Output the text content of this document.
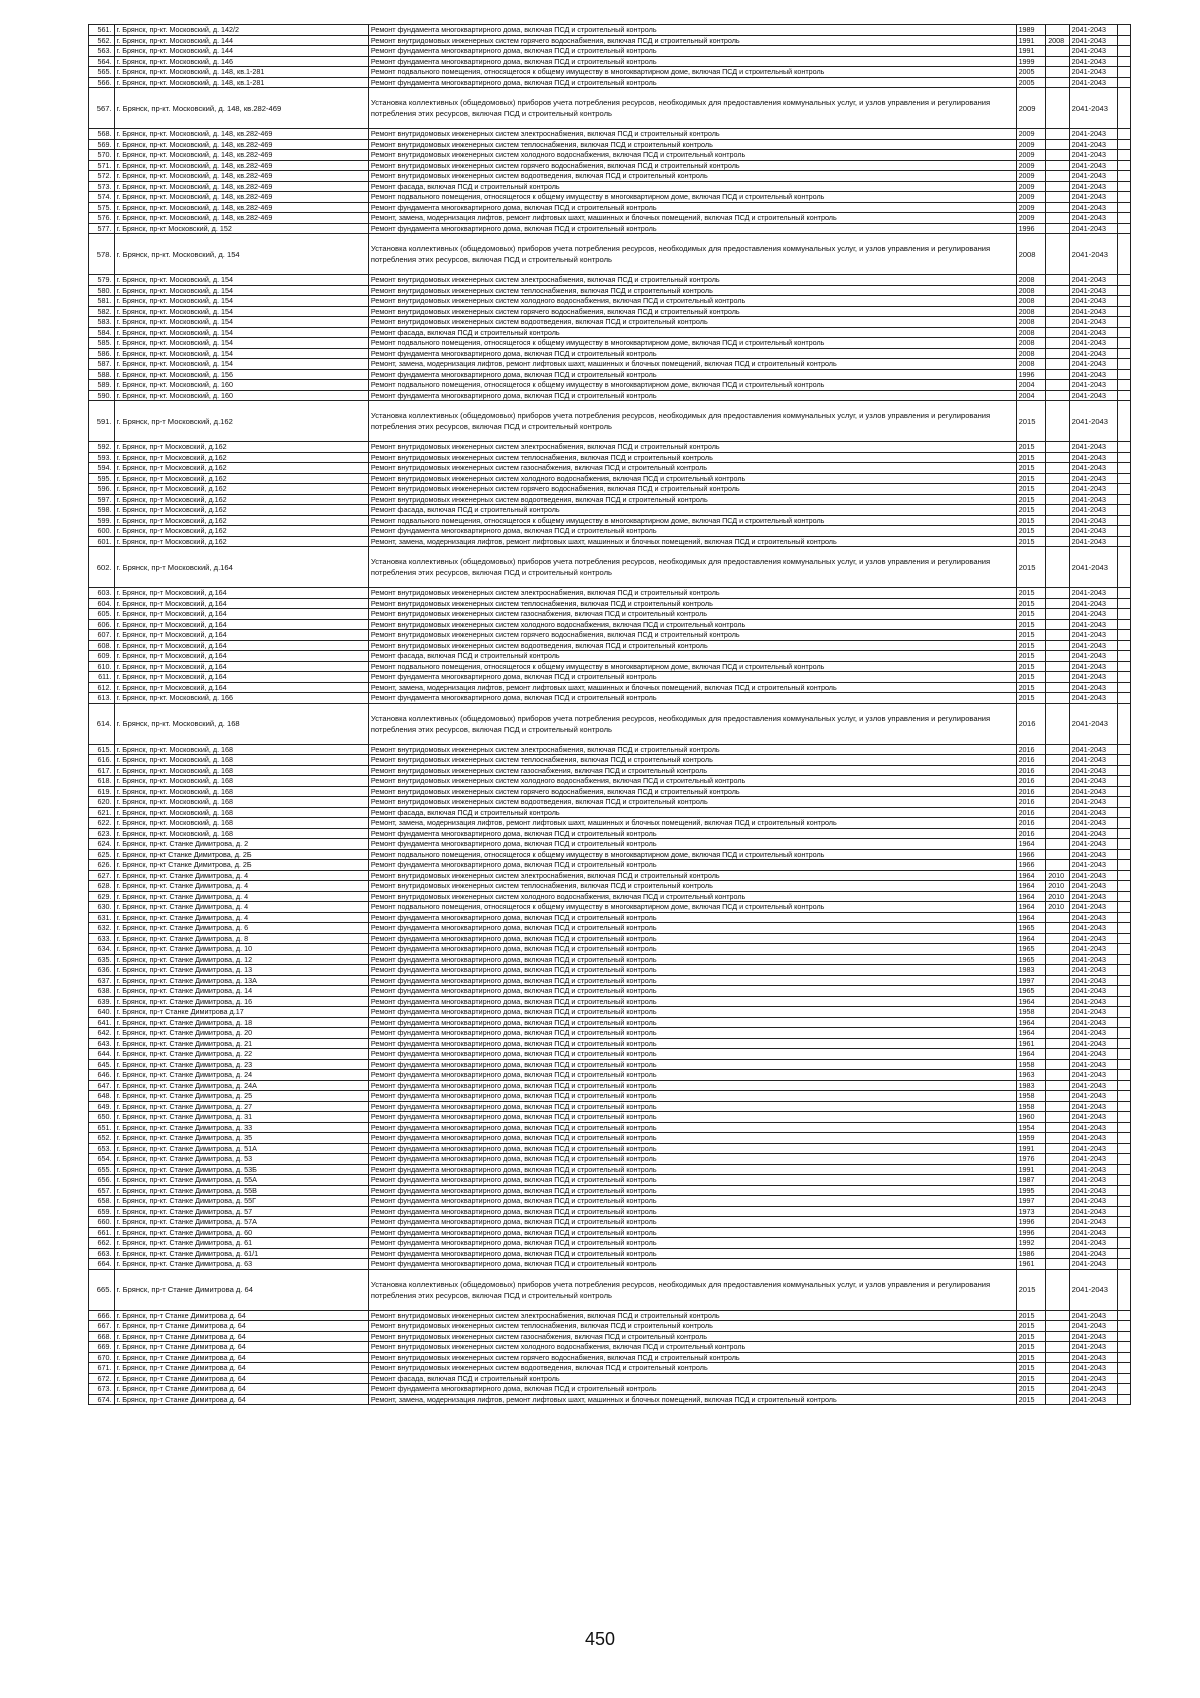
561.	г. Брянск, пр-кт. Московский, д. 142/2	Ремонт фундамента многоквартирного дома, включая ПСД и строительный контроль	1989		2041-2043	
562.	г. Брянск, пр-кт. Московский, д. 144	Ремонт внутридомовых инженерных систем горячего водоснабжения, включая ПСД и строительный контроль	1991	2008	2041-2043	
563.	г. Брянск, пр-кт. Московский, д. 144	Ремонт фундамента многоквартирного дома, включая ПСД и строительный контроль	1991		2041-2043	
564.	г. Брянск, пр-кт. Московский, д. 146	Ремонт фундамента многоквартирного дома, включая ПСД и строительный контроль	1999		2041-2043	
565.	г. Брянск, пр-кт. Московский, д. 148, кв.1-281	Ремонт подвального помещения, относящегося к общему имуществу в многоквартирном доме, включая ПСД и строительный контроль	2005		2041-2043	
566.	г. Брянск, пр-кт. Московский, д. 148, кв.1-281	Ремонт фундамента многоквартирного дома, включая ПСД и строительный контроль	2005		2041-2043	
567.	г. Брянск, пр-кт. Московский, д. 148, кв.282-469	Установка коллективных (общедомовых) приборов учета потребления ресурсов, необходимых для предоставления коммунальных услуг, и узлов управления и регулирования потребления этих ресурсов, включая ПСД и строительный контроль	2009		2041-2043	
568.	г. Брянск, пр-кт. Московский, д. 148, кв.282-469	Ремонт внутридомовых инженерных систем электроснабжения, включая ПСД и строительный контроль	2009		2041-2043	
569.	г. Брянск, пр-кт. Московский, д. 148, кв.282-469	Ремонт внутридомовых инженерных систем теплоснабжения, включая ПСД и строительный контроль	2009		2041-2043	
570.	г. Брянск, пр-кт. Московский, д. 148, кв.282-469	Ремонт внутридомовых инженерных систем холодного водоснабжения, включая ПСД и строительный контроль	2009		2041-2043	
571.	г. Брянск, пр-кт. Московский, д. 148, кв.282-469	Ремонт внутридомовых инженерных систем горячего водоснабжения, включая ПСД и строительный контроль	2009		2041-2043	
572.	г. Брянск, пр-кт. Московский, д. 148, кв.282-469	Ремонт внутридомовых инженерных систем водоотведения, включая ПСД и строительный контроль	2009		2041-2043	
573.	г. Брянск, пр-кт. Московский, д. 148, кв.282-469	Ремонт фасада, включая ПСД и строительный контроль	2009		2041-2043	
574.	г. Брянск, пр-кт. Московский, д. 148, кв.282-469	Ремонт подвального помещения, относящегося к общему имуществу в многоквартирном доме, включая ПСД и строительный контроль	2009		2041-2043	
575.	г. Брянск, пр-кт. Московский, д. 148, кв.282-469	Ремонт фундамента многоквартирного дома, включая ПСД и строительный контроль	2009		2041-2043	
576.	г. Брянск, пр-кт. Московский, д. 148, кв.282-469	Ремонт, замена, модернизация лифтов, ремонт лифтовых шахт, машинных и блочных помещений, включая ПСД и строительный контроль	2009		2041-2043	
577.	г. Брянск, пр-кт Московский, д. 152	Ремонт фундамента многоквартирного дома, включая ПСД и строительный контроль	1996		2041-2043	
578.	г. Брянск, пр-кт. Московский, д. 154	Установка коллективных (общедомовых) приборов учета потребления ресурсов, необходимых для предоставления коммунальных услуг, и узлов управления и регулирования потребления этих ресурсов, включая ПСД и строительный контроль	2008		2041-2043	
579.	г. Брянск, пр-кт. Московский, д. 154	Ремонт внутридомовых инженерных систем электроснабжения, включая ПСД и строительный контроль	2008		2041-2043	
580.	г. Брянск, пр-кт. Московский, д. 154	Ремонт внутридомовых инженерных систем теплоснабжения, включая ПСД и строительный контроль	2008		2041-2043	
581.	г. Брянск, пр-кт. Московский, д. 154	Ремонт внутридомовых инженерных систем холодного водоснабжения, включая ПСД и строительный контроль	2008		2041-2043	
582.	г. Брянск, пр-кт. Московский, д. 154	Ремонт внутридомовых инженерных систем горячего водоснабжения, включая ПСД и строительный контроль	2008		2041-2043	
583.	г. Брянск, пр-кт. Московский, д. 154	Ремонт внутридомовых инженерных систем водоотведения, включая ПСД и строительный контроль	2008		2041-2043	
584.	г. Брянск, пр-кт. Московский, д. 154	Ремонт фасада, включая ПСД и строительный контроль	2008		2041-2043	
585.	г. Брянск, пр-кт. Московский, д. 154	Ремонт подвального помещения, относящегося к общему имуществу в многоквартирном доме, включая ПСД и строительный контроль	2008		2041-2043	
586.	г. Брянск, пр-кт. Московский, д. 154	Ремонт фундамента многоквартирного дома, включая ПСД и строительный контроль	2008		2041-2043	
587.	г. Брянск, пр-кт. Московский, д. 154	Ремонт, замена, модернизация лифтов, ремонт лифтовых шахт, машинных и блочных помещений, включая ПСД и строительный контроль	2008		2041-2043	
588.	г. Брянск, пр-кт. Московский, д. 156	Ремонт фундамента многоквартирного дома, включая ПСД и строительный контроль	1996		2041-2043	
589.	г. Брянск, пр-кт. Московский, д. 160	Ремонт подвального помещения, относящегося к общему имуществу в многоквартирном доме, включая ПСД и строительный контроль	2004		2041-2043	
590.	г. Брянск, пр-кт. Московский, д. 160	Ремонт фундамента многоквартирного дома, включая ПСД и строительный контроль	2004		2041-2043	
591.	г. Брянск, пр-т Московский, д.162	Установка коллективных (общедомовых) приборов учета потребления ресурсов, необходимых для предоставления коммунальных услуг, и узлов управления и регулирования потребления этих ресурсов, включая ПСД и строительный контроль	2015		2041-2043	
592.	г. Брянск, пр-т Московский, д.162	Ремонт внутридомовых инженерных систем электроснабжения, включая ПСД и строительный контроль	2015		2041-2043	
593.	г. Брянск, пр-т Московский, д.162	Ремонт внутридомовых инженерных систем теплоснабжения, включая ПСД и строительный контроль	2015		2041-2043	
594.	г. Брянск, пр-т Московский, д.162	Ремонт внутридомовых инженерных систем газоснабжения, включая ПСД и строительный контроль	2015		2041-2043	
595.	г. Брянск, пр-т Московский, д.162	Ремонт внутридомовых инженерных систем холодного водоснабжения, включая ПСД и строительный контроль	2015		2041-2043	
596.	г. Брянск, пр-т Московский, д.162	Ремонт внутридомовых инженерных систем горячего водоснабжения, включая ПСД и строительный контроль	2015		2041-2043	
597.	г. Брянск, пр-т Московский, д.162	Ремонт внутридомовых инженерных систем водоотведения, включая ПСД и строительный контроль	2015		2041-2043	
598.	г. Брянск, пр-т Московский, д.162	Ремонт фасада, включая ПСД и строительный контроль	2015		2041-2043	
599.	г. Брянск, пр-т Московский, д.162	Ремонт подвального помещения, относящегося к общему имуществу в многоквартирном доме, включая ПСД и строительный контроль	2015		2041-2043	
600.	г. Брянск, пр-т Московский, д.162	Ремонт фундамента многоквартирного дома, включая ПСД и строительный контроль	2015		2041-2043	
601.	г. Брянск, пр-т Московский, д.162	Ремонт, замена, модернизация лифтов, ремонт лифтовых шахт, машинных и блочных помещений, включая ПСД и строительный контроль	2015		2041-2043	
602.	г. Брянск, пр-т Московский, д.164	Установка коллективных (общедомовых) приборов учета потребления ресурсов, необходимых для предоставления коммунальных услуг, и узлов управления и регулирования потребления этих ресурсов, включая ПСД и строительный контроль	2015		2041-2043	
603.	г. Брянск, пр-т Московский, д.164	Ремонт внутридомовых инженерных систем электроснабжения, включая ПСД и строительный контроль	2015		2041-2043	
604.	г. Брянск, пр-т Московский, д.164	Ремонт внутридомовых инженерных систем теплоснабжения, включая ПСД и строительный контроль	2015		2041-2043	
605.	г. Брянск, пр-т Московский, д.164	Ремонт внутридомовых инженерных систем газоснабжения, включая ПСД и строительный контроль	2015		2041-2043	
606.	г. Брянск, пр-т Московский, д.164	Ремонт внутридомовых инженерных систем холодного водоснабжения, включая ПСД и строительный контроль	2015		2041-2043	
607.	г. Брянск, пр-т Московский, д.164	Ремонт внутридомовых инженерных систем горячего водоснабжения, включая ПСД и строительный контроль	2015		2041-2043	
608.	г. Брянск, пр-т Московский, д.164	Ремонт внутридомовых инженерных систем водоотведения, включая ПСД и строительный контроль	2015		2041-2043	
609.	г. Брянск, пр-т Московский, д.164	Ремонт фасада, включая ПСД и строительный контроль	2015		2041-2043	
610.	г. Брянск, пр-т Московский, д.164	Ремонт подвального помещения, относящегося к общему имуществу в многоквартирном доме, включая ПСД и строительный контроль	2015		2041-2043	
611.	г. Брянск, пр-т Московский, д.164	Ремонт фундамента многоквартирного дома, включая ПСД и строительный контроль	2015		2041-2043	
612.	г. Брянск, пр-т Московский, д.164	Ремонт, замена, модернизация лифтов, ремонт лифтовых шахт, машинных и блочных помещений, включая ПСД и строительный контроль	2015		2041-2043	
613.	г. Брянск, пр-кт. Московский, д. 166	Ремонт фундамента многоквартирного дома, включая ПСД и строительный контроль	2015		2041-2043	
614.	г. Брянск, пр-кт. Московский, д. 168	Установка коллективных (общедомовых) приборов учета потребления ресурсов, необходимых для предоставления коммунальных услуг, и узлов управления и регулирования потребления этих ресурсов, включая ПСД и строительный контроль	2016		2041-2043	
615.	г. Брянск, пр-кт. Московский, д. 168	Ремонт внутридомовых инженерных систем электроснабжения, включая ПСД и строительный контроль	2016		2041-2043	
616.	г. Брянск, пр-кт. Московский, д. 168	Ремонт внутридомовых инженерных систем теплоснабжения, включая ПСД и строительный контроль	2016		2041-2043	
617.	г. Брянск, пр-кт. Московский, д. 168	Ремонт внутридомовых инженерных систем газоснабжения, включая ПСД и строительный контроль	2016		2041-2043	
618.	г. Брянск, пр-кт. Московский, д. 168	Ремонт внутридомовых инженерных систем холодного водоснабжения, включая ПСД и строительный контроль	2016		2041-2043	
619.	г. Брянск, пр-кт. Московский, д. 168	Ремонт внутридомовых инженерных систем горячего водоснабжения, включая ПСД и строительный контроль	2016		2041-2043	
620.	г. Брянск, пр-кт. Московский, д. 168	Ремонт внутридомовых инженерных систем водоотведения, включая ПСД и строительный контроль	2016		2041-2043	
621.	г. Брянск, пр-кт. Московский, д. 168	Ремонт фасада, включая ПСД и строительный контроль	2016		2041-2043	
622.	г. Брянск, пр-кт. Московский, д. 168	Ремонт, замена, модернизация лифтов, ремонт лифтовых шахт, машинных и блочных помещений, включая ПСД и строительный контроль	2016		2041-2043	
623.	г. Брянск, пр-кт. Московский, д. 168	Ремонт фундамента многоквартирного дома, включая ПСД и строительный контроль	2016		2041-2043	
624.	г. Брянск, пр-кт. Станке Димитрова, д. 2	Ремонт фундамента многоквартирного дома, включая ПСД и строительный контроль	1964		2041-2043	
625.	г. Брянск, пр-кт Станке Димитрова, д. 2Б	Ремонт подвального помещения, относящегося к общему имуществу в многоквартирном доме, включая ПСД и строительный контроль	1966		2041-2043	
626.	г. Брянск, пр-кт Станке Димитрова, д. 2Б	Ремонт фундамента многоквартирного дома, включая ПСД и строительный контроль	1966		2041-2043	
627.	г. Брянск, пр-кт. Станке Димитрова, д. 4	Ремонт внутридомовых инженерных систем электроснабжения, включая ПСД и строительный контроль	1964	2010	2041-2043	
628.	г. Брянск, пр-кт. Станке Димитрова, д. 4	Ремонт внутридомовых инженерных систем теплоснабжения, включая ПСД и строительный контроль	1964	2010	2041-2043	
629.	г. Брянск, пр-кт. Станке Димитрова, д. 4	Ремонт внутридомовых инженерных систем холодного водоснабжения, включая ПСД и строительный контроль	1964	2010	2041-2043	
630.	г. Брянск, пр-кт. Станке Димитрова, д. 4	Ремонт подвального помещения, относящегося к общему имуществу в многоквартирном доме, включая ПСД и строительный контроль	1964	2010	2041-2043	
631.	г. Брянск, пр-кт. Станке Димитрова, д. 4	Ремонт фундамента многоквартирного дома, включая ПСД и строительный контроль	1964		2041-2043	
632.	г. Брянск, пр-кт. Станке Димитрова, д. 6	Ремонт фундамента многоквартирного дома, включая ПСД и строительный контроль	1965		2041-2043	
633.	г. Брянск, пр-кт. Станке Димитрова, д. 8	Ремонт фундамента многоквартирного дома, включая ПСД и строительный контроль	1964		2041-2043	
634.	г. Брянск, пр-кт. Станке Димитрова, д. 10	Ремонт фундамента многоквартирного дома, включая ПСД и строительный контроль	1965		2041-2043	
635.	г. Брянск, пр-кт. Станке Димитрова, д. 12	Ремонт фундамента многоквартирного дома, включая ПСД и строительный контроль	1965		2041-2043	
636.	г. Брянск, пр-кт. Станке Димитрова, д. 13	Ремонт фундамента многоквартирного дома, включая ПСД и строительный контроль	1983		2041-2043	
637.	г. Брянск, пр-кт. Станке Димитрова, д. 13А	Ремонт фундамента многоквартирного дома, включая ПСД и строительный контроль	1997		2041-2043	
638.	г. Брянск, пр-кт. Станке Димитрова, д. 14	Ремонт фундамента многоквартирного дома, включая ПСД и строительный контроль	1965		2041-2043	
639.	г. Брянск, пр-кт. Станке Димитрова, д. 16	Ремонт фундамента многоквартирного дома, включая ПСД и строительный контроль	1964		2041-2043	
640.	г. Брянск, пр-т Станке Димитрова д.17	Ремонт фундамента многоквартирного дома, включая ПСД и строительный контроль	1958		2041-2043	
641.	г. Брянск, пр-кт. Станке Димитрова, д. 18	Ремонт фундамента многоквартирного дома, включая ПСД и строительный контроль	1964		2041-2043	
642.	г. Брянск, пр-кт. Станке Димитрова, д. 20	Ремонт фундамента многоквартирного дома, включая ПСД и строительный контроль	1964		2041-2043	
643.	г. Брянск, пр-кт. Станке Димитрова, д. 21	Ремонт фундамента многоквартирного дома, включая ПСД и строительный контроль	1961		2041-2043	
644.	г. Брянск, пр-кт. Станке Димитрова, д. 22	Ремонт фундамента многоквартирного дома, включая ПСД и строительный контроль	1964		2041-2043	
645.	г. Брянск, пр-кт. Станке Димитрова, д. 23	Ремонт фундамента многоквартирного дома, включая ПСД и строительный контроль	1958		2041-2043	
646.	г. Брянск, пр-кт. Станке Димитрова, д. 24	Ремонт фундамента многоквартирного дома, включая ПСД и строительный контроль	1963		2041-2043	
647.	г. Брянск, пр-кт. Станке Димитрова, д. 24А	Ремонт фундамента многоквартирного дома, включая ПСД и строительный контроль	1983		2041-2043	
648.	г. Брянск, пр-кт. Станке Димитрова, д. 25	Ремонт фундамента многоквартирного дома, включая ПСД и строительный контроль	1958		2041-2043	
649.	г. Брянск, пр-кт. Станке Димитрова, д. 27	Ремонт фундамента многоквартирного дома, включая ПСД и строительный контроль	1958		2041-2043	
650.	г. Брянск, пр-кт. Станке Димитрова, д. 31	Ремонт фундамента многоквартирного дома, включая ПСД и строительный контроль	1960		2041-2043	
651.	г. Брянск, пр-кт. Станке Димитрова, д. 33	Ремонт фундамента многоквартирного дома, включая ПСД и строительный контроль	1954		2041-2043	
652.	г. Брянск, пр-кт. Станке Димитрова, д. 35	Ремонт фундамента многоквартирного дома, включая ПСД и строительный контроль	1959		2041-2043	
653.	г. Брянск, пр-кт. Станке Димитрова, д. 51А	Ремонт фундамента многоквартирного дома, включая ПСД и строительный контроль	1991		2041-2043	
654.	г. Брянск, пр-кт. Станке Димитрова, д. 53	Ремонт фундамента многоквартирного дома, включая ПСД и строительный контроль	1976		2041-2043	
655.	г. Брянск, пр-кт. Станке Димитрова, д. 53Б	Ремонт фундамента многоквартирного дома, включая ПСД и строительный контроль	1991		2041-2043	
656.	г. Брянск, пр-кт. Станке Димитрова, д. 55А	Ремонт фундамента многоквартирного дома, включая ПСД и строительный контроль	1987		2041-2043	
657.	г. Брянск, пр-кт. Станке Димитрова, д. 55В	Ремонт фундамента многоквартирного дома, включая ПСД и строительный контроль	1995		2041-2043	
658.	г. Брянск, пр-кт. Станке Димитрова, д. 55Г	Ремонт фундамента многоквартирного дома, включая ПСД и строительный контроль	1997		2041-2043	
659.	г. Брянск, пр-кт. Станке Димитрова, д. 57	Ремонт фундамента многоквартирного дома, включая ПСД и строительный контроль	1973		2041-2043	
660.	г. Брянск, пр-кт. Станке Димитрова, д. 57А	Ремонт фундамента многоквартирного дома, включая ПСД и строительный контроль	1996		2041-2043	
661.	г. Брянск, пр-кт. Станке Димитрова, д. 60	Ремонт фундамента многоквартирного дома, включая ПСД и строительный контроль	1996		2041-2043	
662.	г. Брянск, пр-кт. Станке Димитрова, д. 61	Ремонт фундамента многоквартирного дома, включая ПСД и строительный контроль	1992		2041-2043	
663.	г. Брянск, пр-кт. Станке Димитрова, д. 61/1	Ремонт фундамента многоквартирного дома, включая ПСД и строительный контроль	1986		2041-2043	
664.	г. Брянск, пр-кт. Станке Димитрова, д. 63	Ремонт фундамента многоквартирного дома, включая ПСД и строительный контроль	1961		2041-2043	
665.	г. Брянск, пр-т Станке Димитрова д. 64	Установка коллективных (общедомовых) приборов учета потребления ресурсов, необходимых для предоставления коммунальных услуг, и узлов управления и регулирования потребления этих ресурсов, включая ПСД и строительный контроль	2015		2041-2043	
666.	г. Брянск, пр-т Станке Димитрова д. 64	Ремонт внутридомовых инженерных систем электроснабжения, включая ПСД и строительный контроль	2015		2041-2043	
667.	г. Брянск, пр-т Станке Димитрова д. 64	Ремонт внутридомовых инженерных систем теплоснабжения, включая ПСД и строительный контроль	2015		2041-2043	
668.	г. Брянск, пр-т Станке Димитрова д. 64	Ремонт внутридомовых инженерных систем газоснабжения, включая ПСД и строительный контроль	2015		2041-2043	
669.	г. Брянск, пр-т Станке Димитрова д. 64	Ремонт внутридомовых инженерных систем холодного водоснабжения, включая ПСД и строительный контроль	2015		2041-2043	
670.	г. Брянск, пр-т Станке Димитрова д. 64	Ремонт внутридомовых инженерных систем горячего водоснабжения, включая ПСД и строительный контроль	2015		2041-2043	
671.	г. Брянск, пр-т Станке Димитрова д. 64	Ремонт внутридомовых инженерных систем водоотведения, включая ПСД и строительный контроль	2015		2041-2043	
672.	г. Брянск, пр-т Станке Димитрова д. 64	Ремонт фасада, включая ПСД и строительный контроль	2015		2041-2043	
673.	г. Брянск, пр-т Станке Димитрова д. 64	Ремонт фундамента многоквартирного дома, включая ПСД и строительный контроль	2015		2041-2043	
674.	г. Брянск, пр-т Станке Димитрова д. 64	Ремонт, замена, модернизация лифтов, ремонт лифтовых шахт, машинных и блочных помещений, включая ПСД и строительный контроль	2015		2041-2043	
450
